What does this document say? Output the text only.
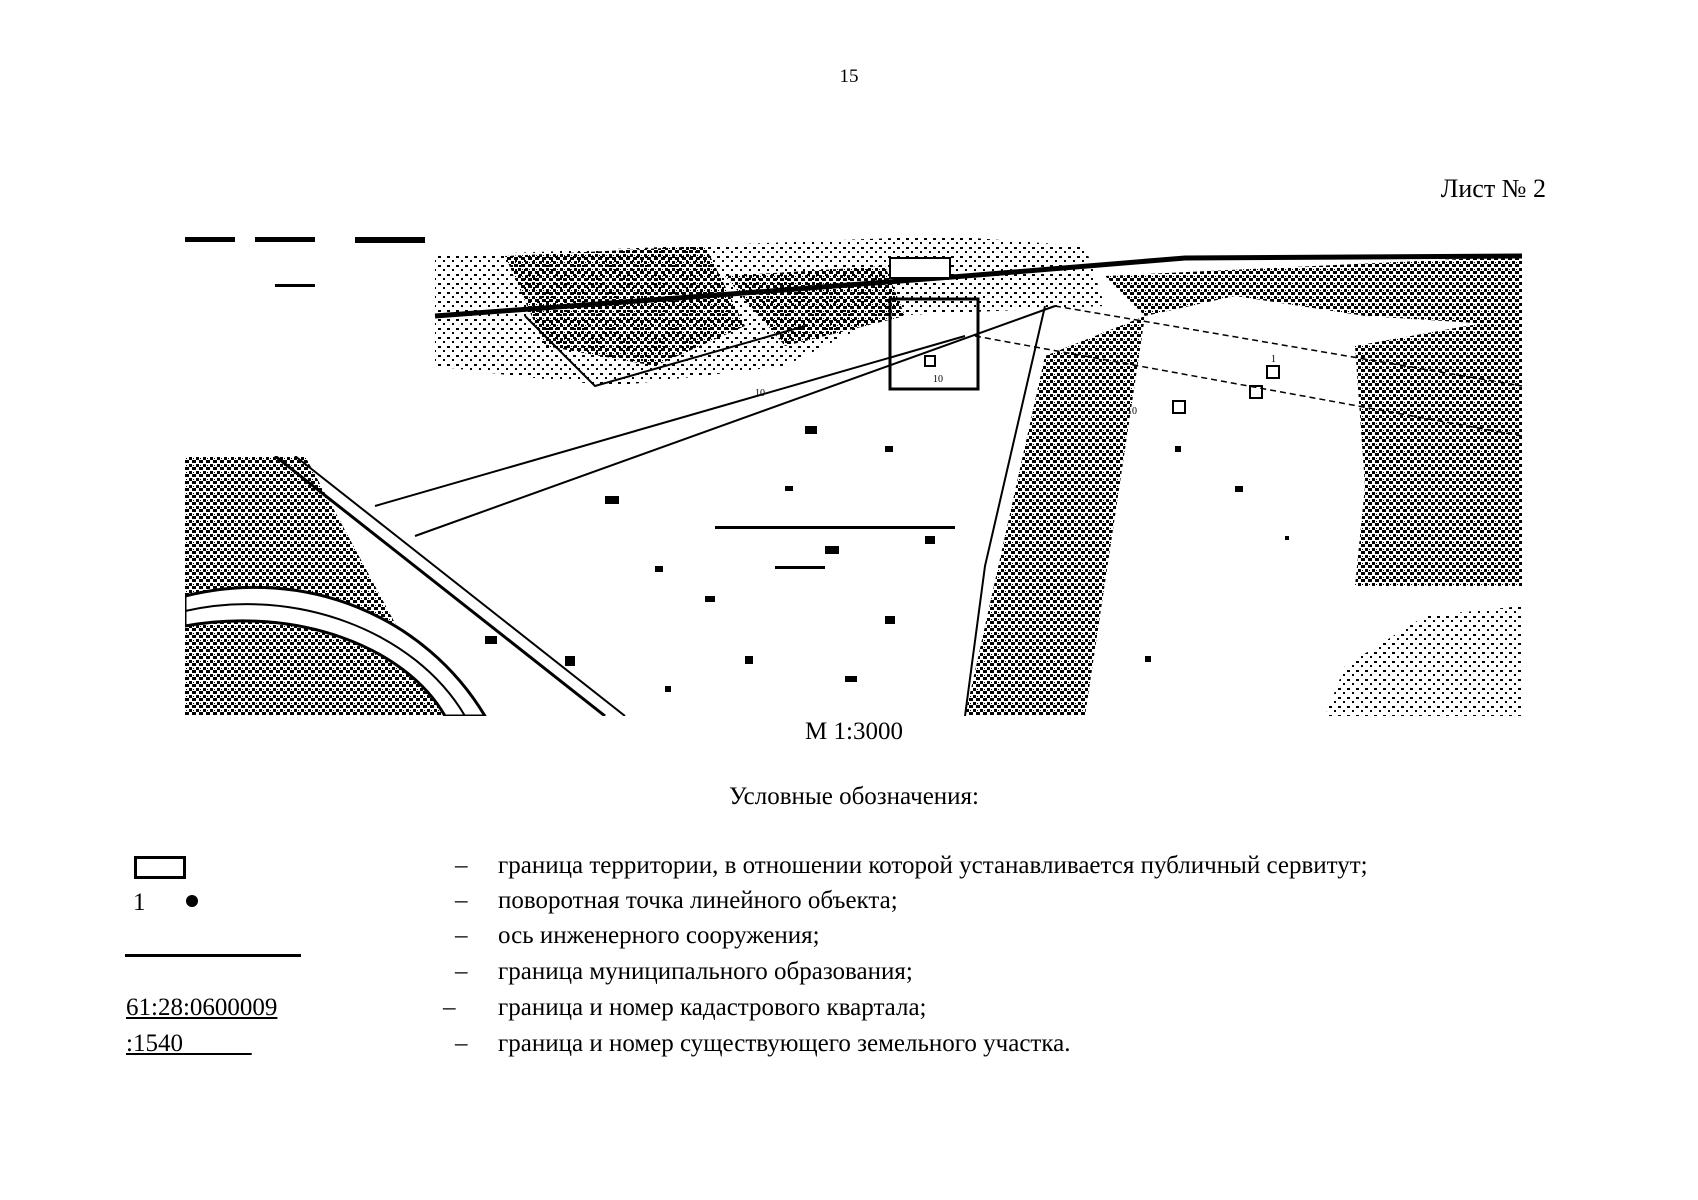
15
Лист № 2
1
10
10
10
М 1:3000
Условные обозначения:
– граница территории, в отношении которой устанавливается публичный сервитут;
1	– поворотная точка линейного объекта;
– ось инженерного сооружения;
– граница муниципального образования;
61:28:0600009	– граница и номер кадастрового квартала;
:1540	– граница и номер существующего земельного участка.
